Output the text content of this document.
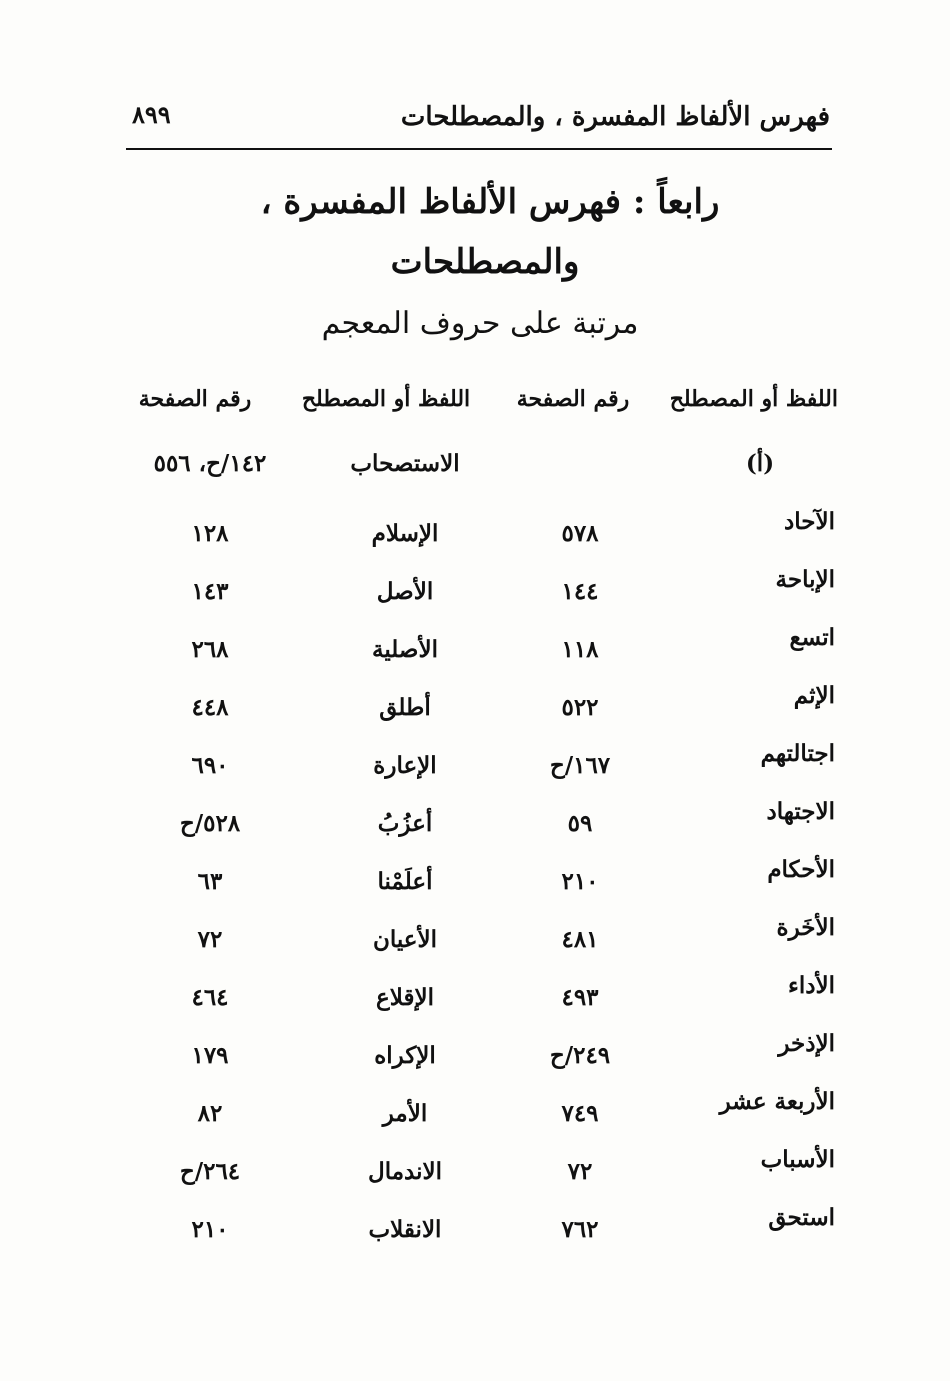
٨٩٩	فهرس الألفاظ المفسرة ، والمصطلحات
رابعاً : فهرس الألفاظ المفسرة ،
والمصطلحات
مرتبة على حروف المعجم
اللفظ أو المصطلح
رقم الصفحة
اللفظ أو المصطلح
رقم الصفحة
(أ)
الاستصحاب
١٤٢/ح، ٥٥٦
الآحاد
٥٧٨
الإسلام
١٢٨
الإباحة
١٤٤
الأصل
١٤٣
اتسع
١١٨
الأصلية
٢٦٨
الإثم
٥٢٢
أطلق
٤٤٨
اجتالتهم
١٦٧/ح
الإعارة
٦٩٠
الاجتهاد
٥٩
أعزُبُ
٥٢٨/ح
الأحكام
٢١٠
أعلَمْنا
٦٣
الأخَرة
٤٨١
الأعيان
٧٢
الأداء
٤٩٣
الإقلاع
٤٦٤
الإذخر
٢٤٩/ح
الإكراه
١٧٩
الأربعة عشر
٧٤٩
الأمر
٨٢
الأسباب
٧٢
الاندمال
٢٦٤/ح
استحق
٧٦٢
الانقلاب
٢١٠
